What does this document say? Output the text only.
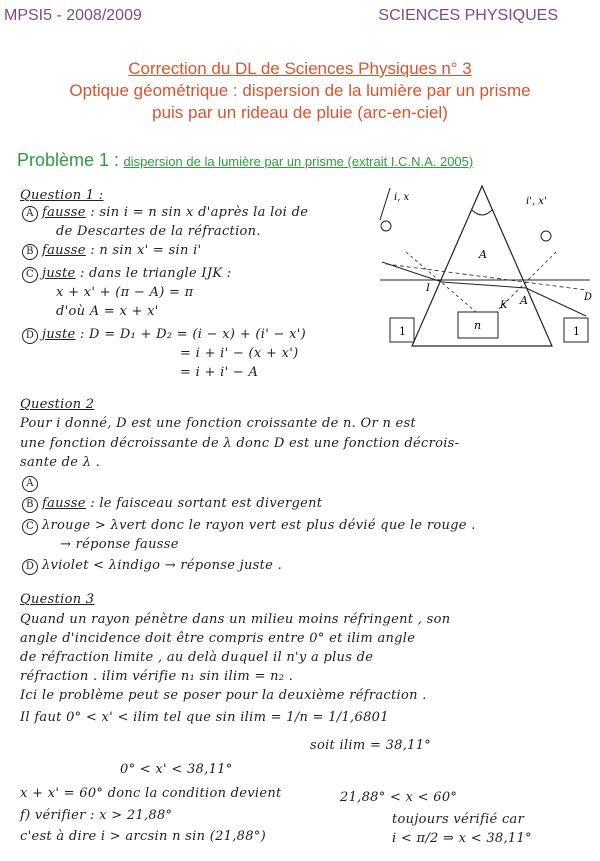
MPSI5 - 2008/2009	SCIENCES PHYSIQUES
Correction du DL de Sciences Physiques n° 3
Optique géométrique : dispersion de la lumière par un prisme
puis par un rideau de pluie (arc-en-ciel)
Problème 1 : dispersion de la lumière par un prisme (extrait I.C.N.A. 2005)
Question 1 :
A fausse : sin i = n sin x d'après la loi de
de Descartes de la réfraction.
B fausse : n sin x' = sin i'
C juste : dans le triangle IJK :
x + x' + (π − A) = π
d'où A = x + x'
D juste : D = D₁ + D₂ = (i − x) + (i' − x')
= i + i' − (x + x')
= i + i' − A
A
A
n
1	1
I
K
D
i, x	i', x'
Question 2
Pour i donné, D est une fonction croissante de n. Or n est
une fonction décroissante de λ donc D est une fonction décrois-
sante de λ .
A
B fausse : le faisceau sortant est divergent
C λrouge > λvert donc le rayon vert est plus dévié que le rouge .
→ réponse fausse
D λviolet < λindigo → réponse juste .
Question 3
Quand un rayon pénètre dans un milieu moins réfringent , son
angle d'incidence doit être compris entre 0° et ilim angle
de réfraction limite , au delà duquel il n'y a plus de
réfraction . ilim vérifie n₁ sin ilim = n₂ .
Ici le problème peut se poser pour la deuxième réfraction .
Il faut 0° < x' < ilim tel que sin ilim = 1/n = 1/1,6801
soit ilim = 38,11°
0° < x' < 38,11°
x + x' = 60° donc la condition devient	21,88° < x < 60°
f) vérifier : x > 21,88°	toujours vérifié car
c'est à dire i > arcsin n sin (21,88°)	i < π/2 ⇒ x < 38,11°
